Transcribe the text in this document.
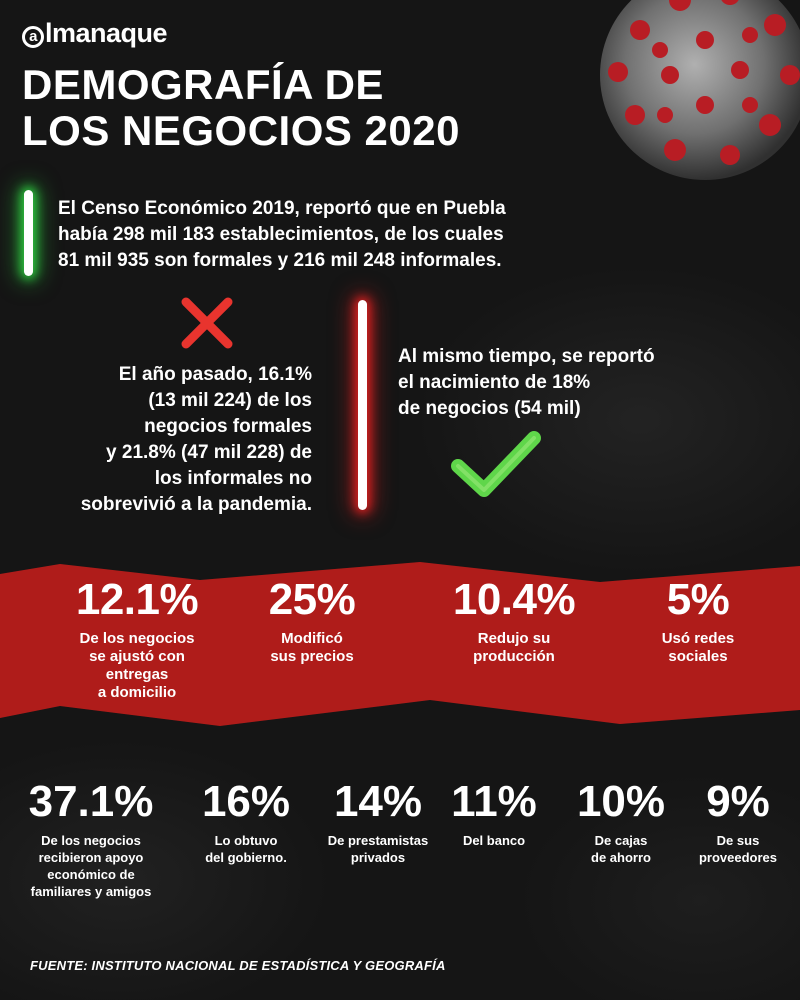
a lmanaque
DEMOGRAFÍA DE
LOS NEGOCIOS 2020
El Censo Económico 2019, reportó que en Puebla
había 298 mil 183 establecimientos, de los cuales
81 mil 935 son formales y 216 mil 248 informales.
El año pasado, 16.1%
(13 mil 224) de los
negocios formales
y 21.8% (47 mil 228) de
los informales no
sobrevivió a la pandemia.
Al mismo tiempo, se reportó
el nacimiento de 18%
de negocios (54 mil)
12.1%
De los negocios
se ajustó con
entregas
a domicilio
25%
Modificó
sus precios
10.4%
Redujo su
producción
5%
Usó redes
sociales
37.1%
De los negocios
recibieron apoyo
económico de
familiares y amigos
16%
Lo obtuvo
del gobierno.
14%
De prestamistas
privados
11%
Del banco
10%
De cajas
de ahorro
9%
De sus
proveedores
FUENTE: INSTITUTO NACIONAL DE ESTADÍSTICA Y GEOGRAFÍA
